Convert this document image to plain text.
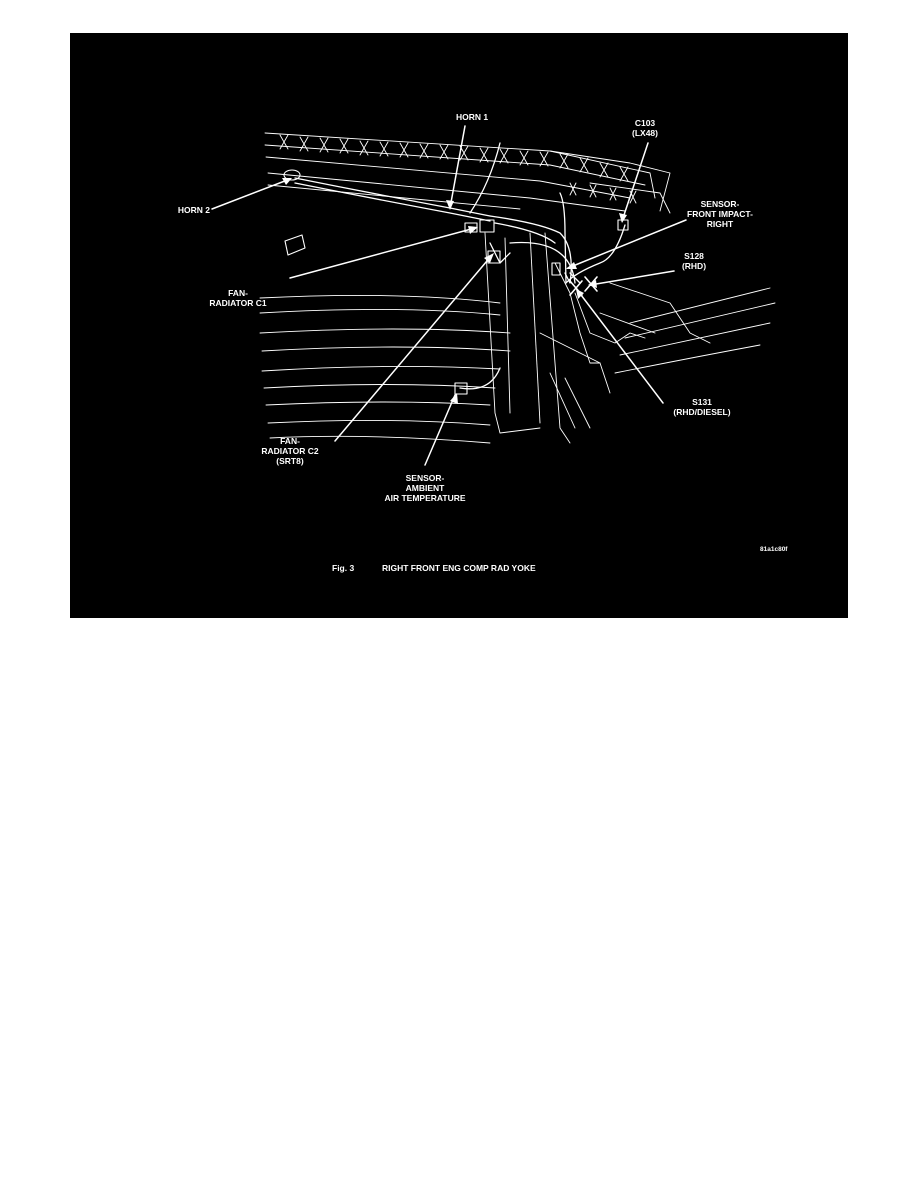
HORN 1
HORN 2
C103
(LX48)
SENSOR-
FRONT IMPACT-
RIGHT
S128
(RHD)
FAN-
RADIATOR C1
S131
(RHD/DIESEL)
FAN-
RADIATOR C2
(SRT8)
SENSOR-
AMBIENT
AIR TEMPERATURE
81a1c80f
Fig. 3	RIGHT FRONT ENG COMP RAD YOKE
